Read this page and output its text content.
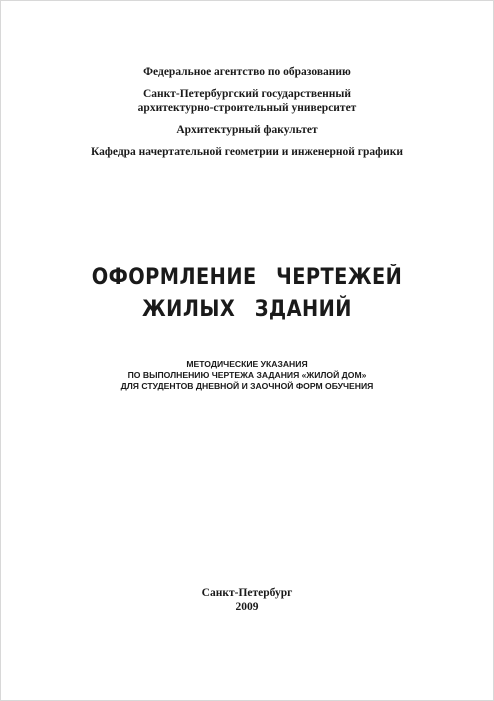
Федеральное агентство по образованию
Санкт-Петербургский государственный
архитектурно-строительный университет
Архитектурный факультет
Кафедра начертательной геометрии и инженерной графики
ОФОРМЛЕНИЕ ЧЕРТЕЖЕЙ
ЖИЛЫХ ЗДАНИЙ
МЕТОДИЧЕСКИЕ УКАЗАНИЯ
ПО ВЫПОЛНЕНИЮ ЧЕРТЕЖА ЗАДАНИЯ «ЖИЛОЙ ДОМ»
ДЛЯ СТУДЕНТОВ ДНЕВНОЙ И ЗАОЧНОЙ ФОРМ ОБУЧЕНИЯ
Санкт-Петербург
2009
